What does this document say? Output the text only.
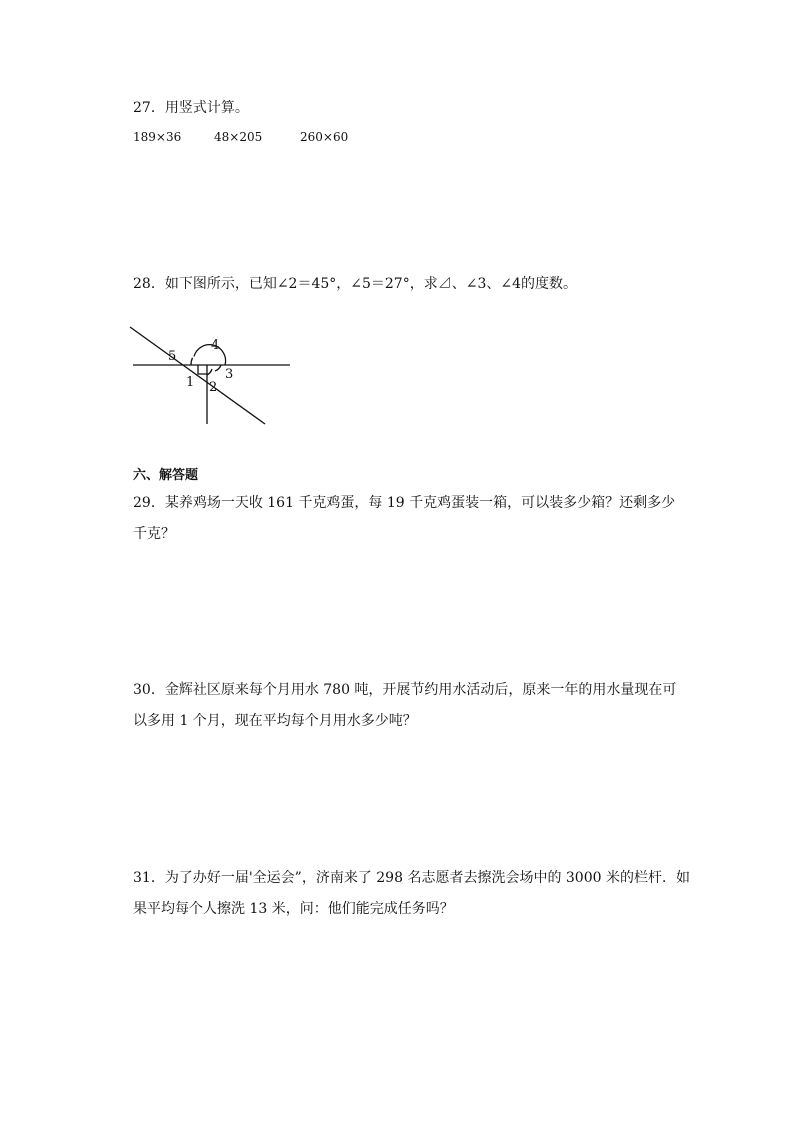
27．用竖式计算。
189×36	48×205	260×60
28．如下图所示，已知∠2＝45°，∠5＝27°，求⊿、∠3、∠4的度数。
5
4
3
2
1
六、解答题
29．某养鸡场一天收 161 千克鸡蛋，每 19 千克鸡蛋装一箱，可以装多少箱？还剩多少
千克？
30．金辉社区原来每个月用水 780 吨，开展节约用水活动后，原来一年的用水量现在可
以多用 1 个月，现在平均每个月用水多少吨？
31．为了办好一届'全运会”，济南来了 298 名志愿者去擦洗会场中的 3000 米的栏杆．如
果平均每个人擦洗 13 米，问：他们能完成任务吗？
